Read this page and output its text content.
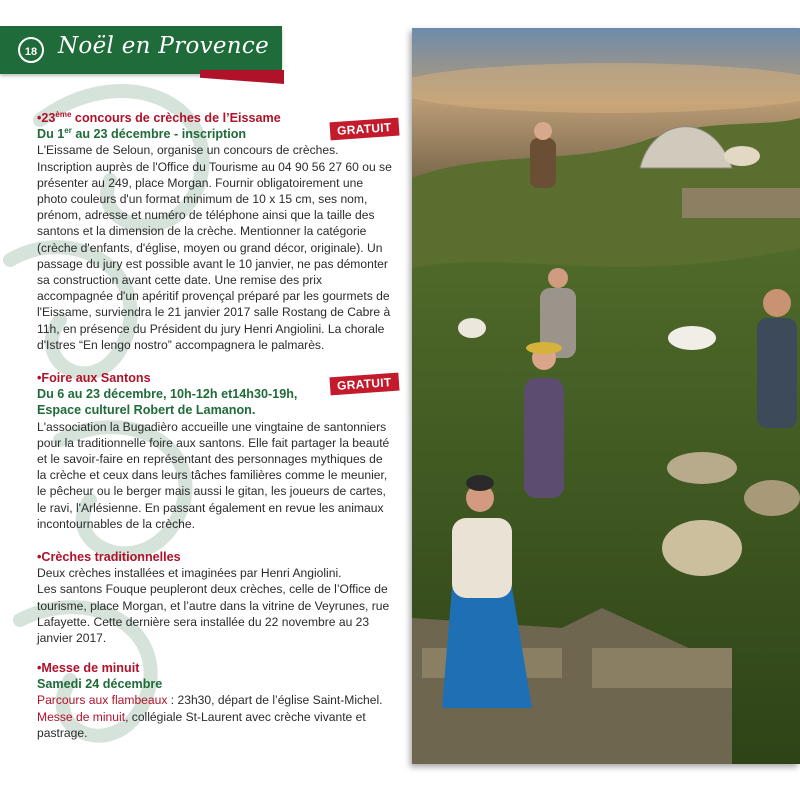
18 Noël en Provence
•23ème concours de crèches de l’Eissame
Du 1er au 23 décembre - inscription
L'Eissame de Seloun, organise un concours de crèches. Inscription auprès de l'Office du Tourisme au 04 90 56 27 60 ou se présenter au 249, place Morgan. Fournir obligatoirement une photo couleurs d'un format minimum de 10 x 15 cm, ses nom, prénom, adresse et numéro de téléphone ainsi que la taille des santons et la dimension de la crèche. Mentionner la catégorie (crèche d'enfants, d'église, moyen ou grand décor, originale). Un passage du jury est possible avant le 10 janvier, ne pas démonter sa construction avant cette date. Une remise des prix accompagnée d'un apéritif provençal préparé par les gourmets de l'Eissame, surviendra le 21 janvier 2017 salle Rostang de Cabre à 11h, en présence du Président du jury Henri Angiolini. La chorale d'Istres “En lengo nostro” accompagnera le palmarès.
GRATUIT
•Foire aux Santons
Du 6 au 23 décembre, 10h-12h et14h30-19h,
Espace culturel Robert de Lamanon.
L'association la Bugadièro accueille une vingtaine de santonniers pour la traditionnelle foire aux santons. Elle fait partager la beauté et le savoir-faire en représentant des personnages mythiques de la crèche et ceux dans leurs tâches familières comme le meunier, le pêcheur ou le berger mais aussi le gitan, les joueurs de cartes, le ravi, l'Arlésienne. En passant également en revue les animaux incontournables de la crèche.
GRATUIT
•Crèches traditionnelles
Deux crèches installées et imaginées par Henri Angiolini.
Les santons Fouque peupleront deux crèches, celle de l’Office de tourisme, place Morgan, et l’autre dans la vitrine de Veyrunes, rue Lafayette. Cette dernière sera installée du 22 novembre au 23 janvier 2017.
•Messe de minuit
Samedi 24 décembre
Parcours aux flambeaux : 23h30, départ de l’église Saint-Michel.
Messe de minuit, collégiale St-Laurent avec crèche vivante et pastrage.
